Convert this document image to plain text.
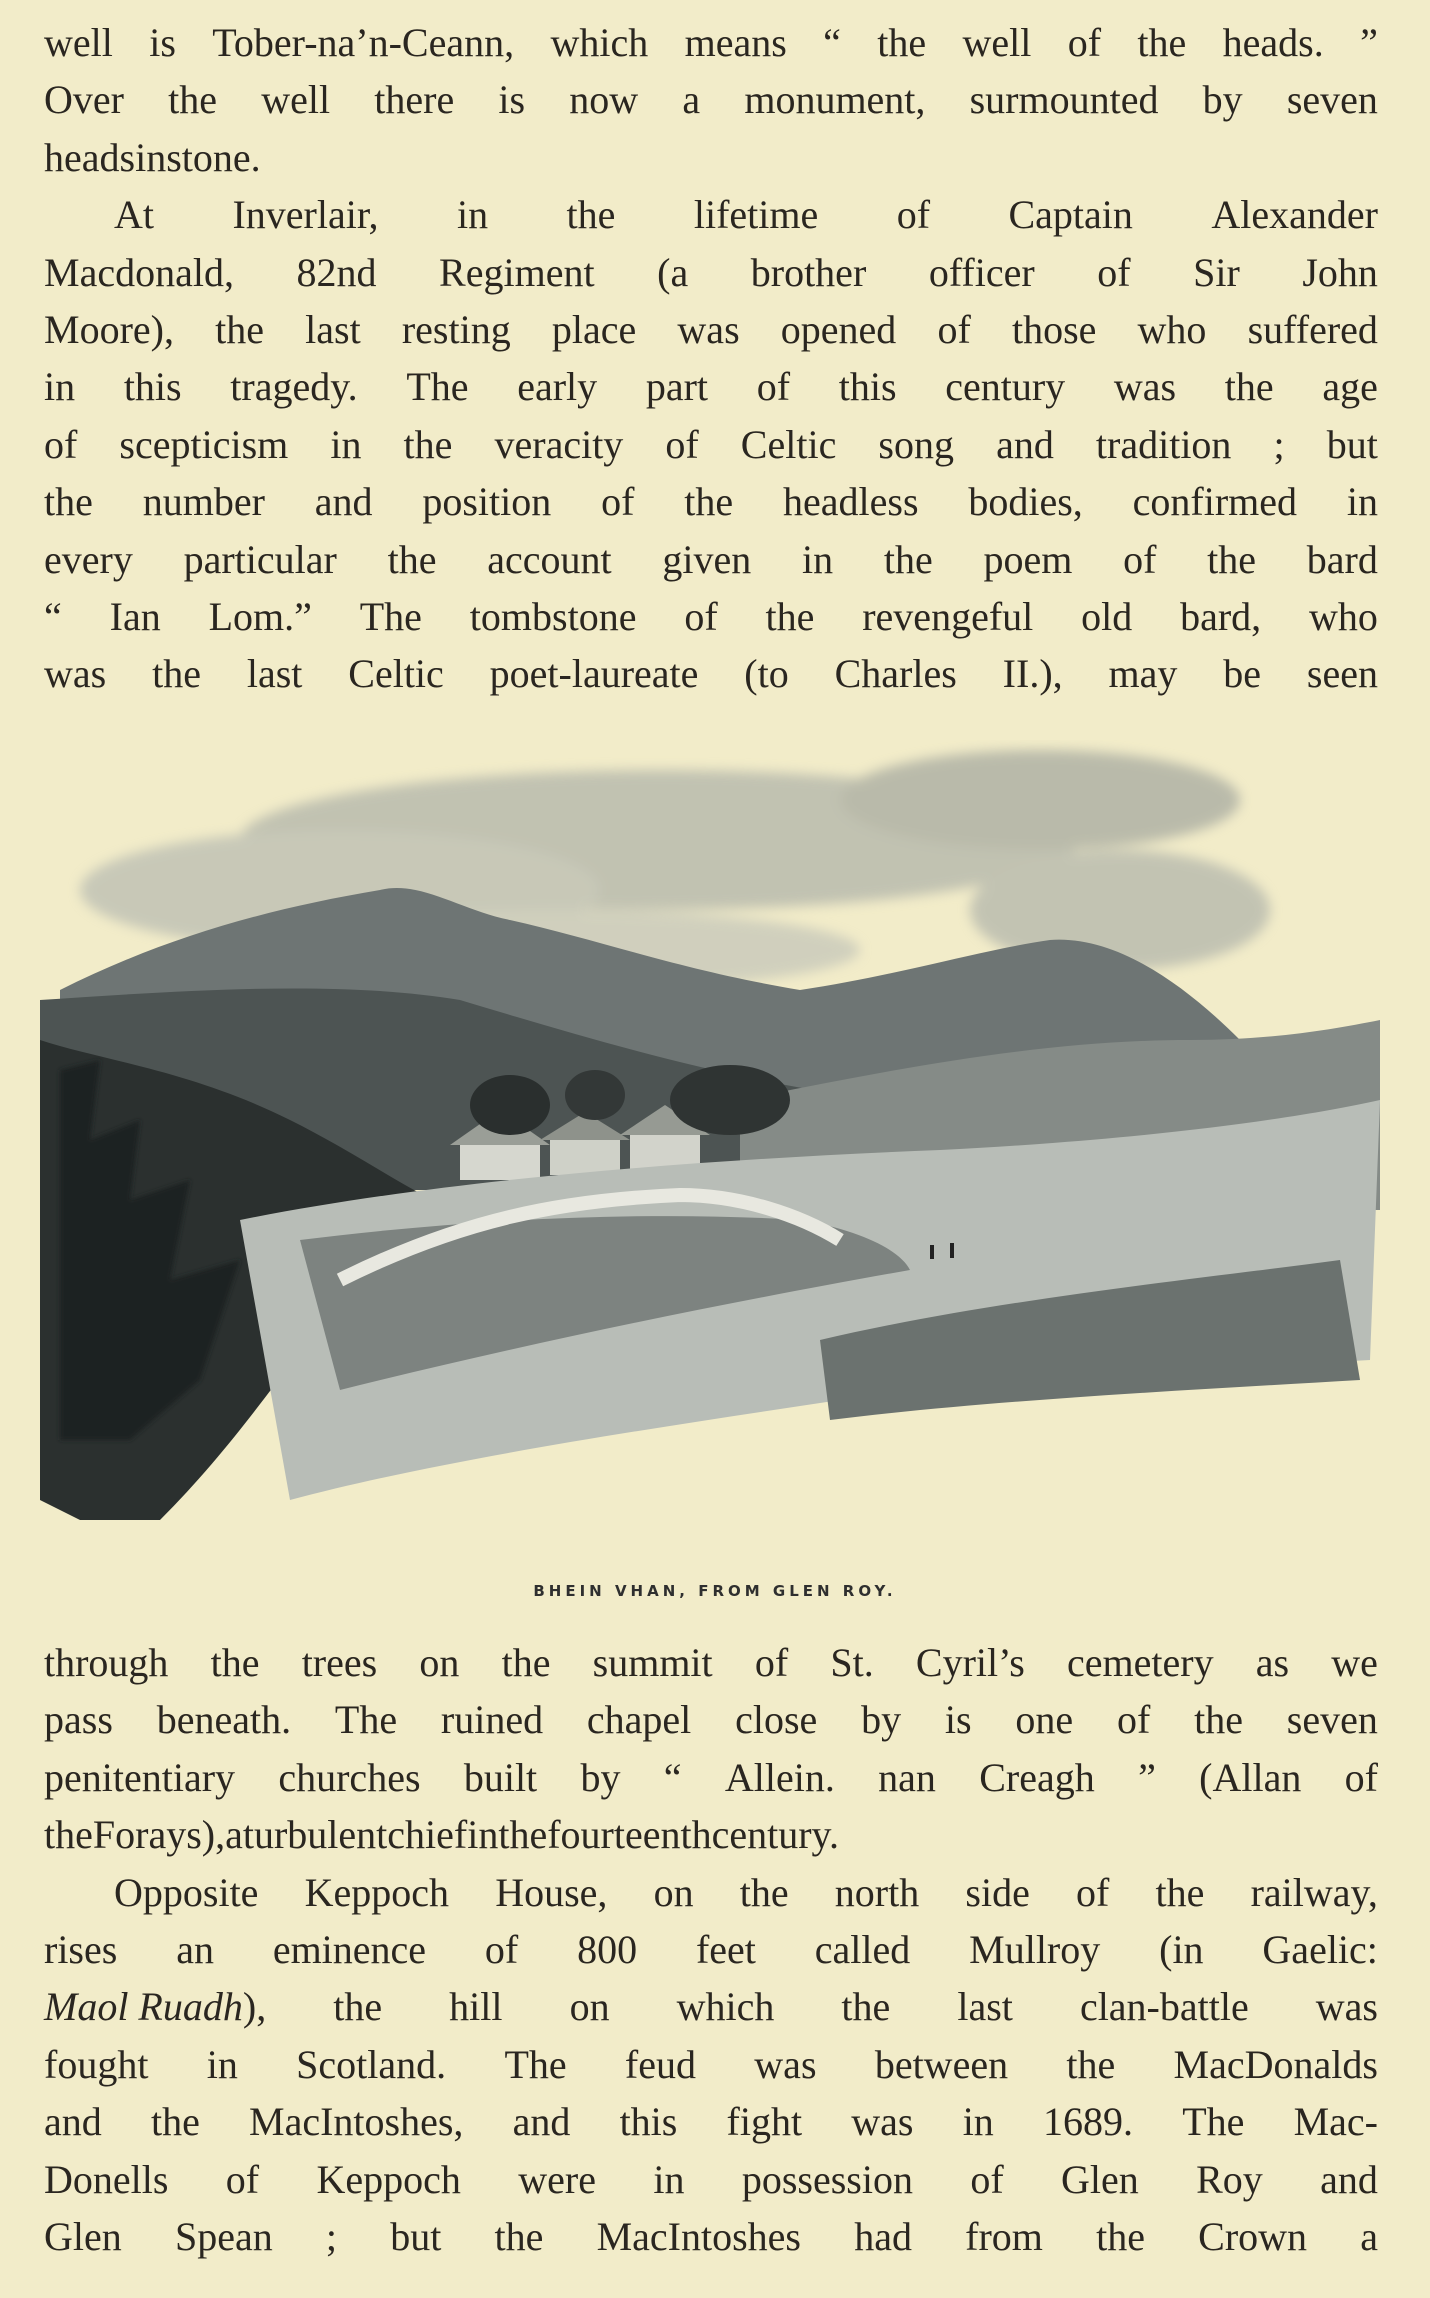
well is Tober-na’n-Ceann, which means “ the well of the heads. ”
Over the well there is now a monument, surmounted by seven
heads in stone.
At Inverlair, in the lifetime of Captain Alexander
Macdonald, 82nd Regiment (a brother officer of Sir John
Moore), the last resting place was opened of those who suffered
in this tragedy. The early part of this century was the age
of scepticism in the veracity of Celtic song and tradition ; but
the number and position of the headless bodies, confirmed in
every particular the account given in the poem of the bard
“ Ian Lom.” The tombstone of the revengeful old bard, who
was the last Celtic poet-laureate (to Charles II.), may be seen
BHEIN VHAN, FROM GLEN ROY.
through the trees on the summit of St. Cyril’s cemetery as we
pass beneath. The ruined chapel close by is one of the seven
penitentiary churches built by “ Allein. nan Creagh ” (Allan of
the Forays), a turbulent chief in the fourteenth century.
Opposite Keppoch House, on the north side of the railway,
rises an eminence of 800 feet called Mullroy (in Gaelic:
Maol Ruadh), the hill on which the last clan-battle was
fought in Scotland. The feud was between the MacDonalds
and the MacIntoshes, and this fight was in 1689. The Mac-
Donells of Keppoch were in possession of Glen Roy and
Glen Spean ; but the MacIntoshes had from the Crown a
